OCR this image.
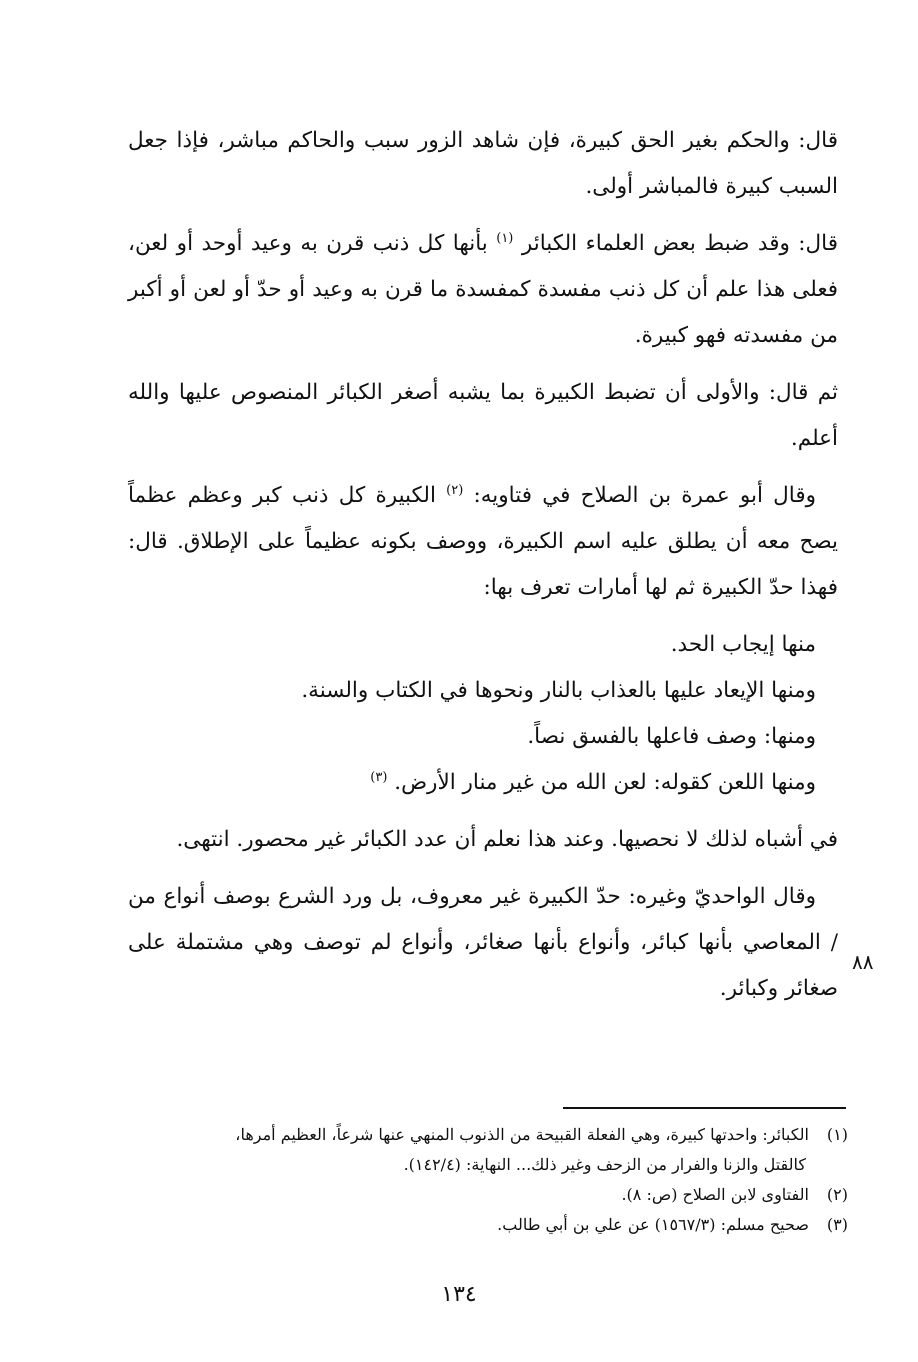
قال: والحكم بغير الحق كبيرة، فإن شاهد الزور سبب والحاكم مباشر، فإذا جعل السبب كبيرة فالمباشر أولى.

قال: وقد ضبط بعض العلماء الكبائر $^{(١)}$ بأنها كل ذنب قرن به وعيد أوحد أو لعن، فعلى هذا علم أن كل ذنب مفسدة كمفسدة ما قرن به وعيد أو حدّ أو لعن أو أكبر من مفسدته فهو كبيرة.

ثم قال: والأولى أن تضبط الكبيرة بما يشبه أصغر الكبائر المنصوص عليها والله أعلم.

وقال أبو عمرة بن الصلاح في فتاويه: $^{(٢)}$ الكبيرة كل ذنب كبر وعظم عظماً يصح معه أن يطلق عليه اسم الكبيرة، ووصف بكونه عظيماً على الإطلاق. قال: فهذا حدّ الكبيرة ثم لها أمارات تعرف بها:

منها إيجاب الحد.

ومنها الإيعاد عليها بالعذاب بالنار ونحوها في الكتاب والسنة.

ومنها: وصف فاعلها بالفسق نصاً.

ومنها اللعن كقوله: لعن الله من غير منار الأرض. $^{(٣)}$

في أشباه لذلك لا نحصيها. وعند هذا نعلم أن عدد الكبائر غير محصور. انتهى.

وقال الواحديّ وغيره: حدّ الكبيرة غير معروف، بل ورد الشرع بوصف أنواع من / المعاصي بأنها كبائر، وأنواع بأنها صغائر، وأنواع لم توصف وهي مشتملة على صغائر وكبائر.

٨٨

(١) الكبائر: واحدتها كبيرة، وهي الفعلة القبيحة من الذنوب المنهي عنها شرعاً، العظيم أمرها،

كالقتل والزنا والفرار من الزحف وغير ذلك... النهاية: (١٤٢/٤).

(٢) الفتاوى لابن الصلاح (ص: ٨).

(٣) صحيح مسلم: (١٥٦٧/٣) عن علي بن أبي طالب.

١٣٤
